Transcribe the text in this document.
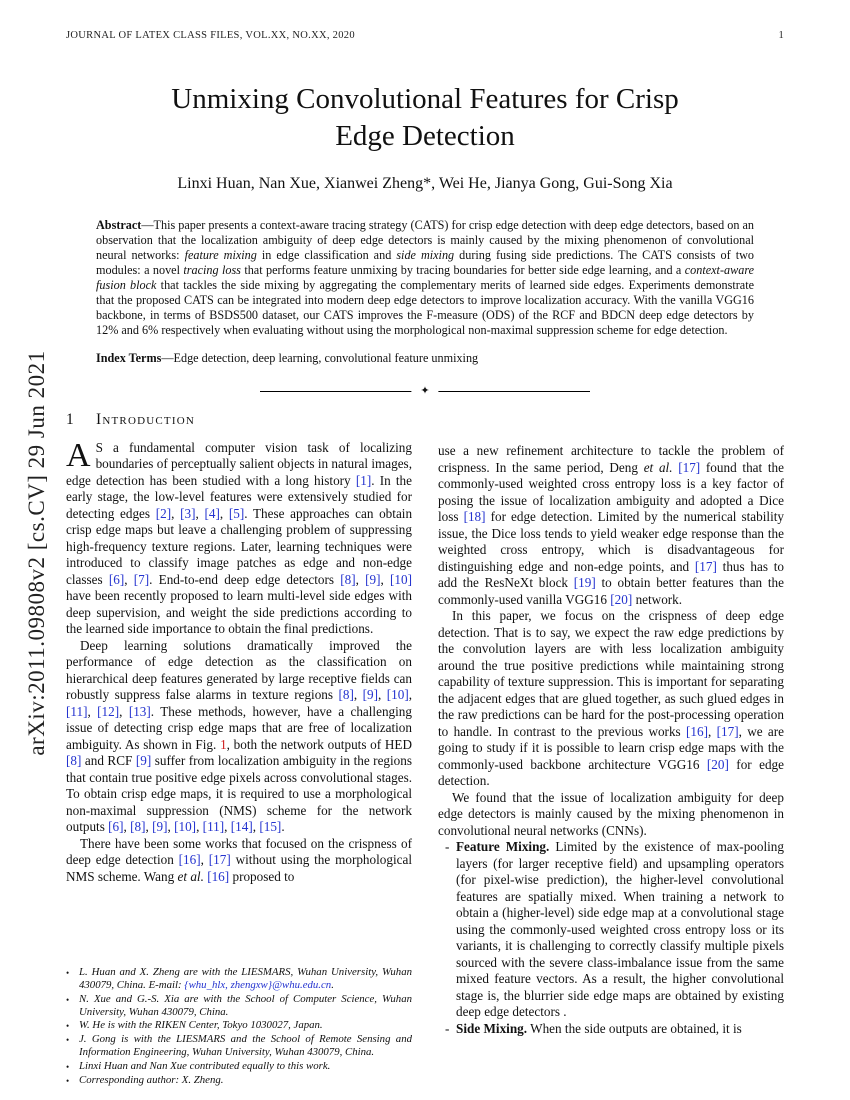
arXiv:2011.09808v2 [cs.CV] 29 Jun 2021
JOURNAL OF LATEX CLASS FILES, VOL.XX, NO.XX, 2020	1
Unmixing Convolutional Features for Crisp Edge Detection
Linxi Huan, Nan Xue, Xianwei Zheng*, Wei He, Jianya Gong, Gui-Song Xia

Abstract—This paper presents a context-aware tracing strategy (CATS) for crisp edge detection with deep edge detectors, based on an observation that the localization ambiguity of deep edge detectors is mainly caused by the mixing phenomenon of convolutional neural networks: feature mixing in edge classification and side mixing during fusing side predictions. The CATS consists of two modules: a novel tracing loss that performs feature unmixing by tracing boundaries for better side edge learning, and a context-aware fusion block that tackles the side mixing by aggregating the complementary merits of learned side edges. Experiments demonstrate that the proposed CATS can be integrated into modern deep edge detectors to improve localization accuracy. With the vanilla VGG16 backbone, in terms of BSDS500 dataset, our CATS improves the F-measure (ODS) of the RCF and BDCN deep edge detectors by 12% and 6% respectively when evaluating without using the morphological non-maximal suppression scheme for edge detection.

Index Terms—Edge detection, deep learning, convolutional feature unmixing

✦
1 Introduction

A S a fundamental computer vision task of localizing boundaries of perceptually salient objects in natural images, edge detection has been studied with a long history [1]. In the early stage, the low-level features were extensively studied for detecting edges [2], [3], [4], [5]. These approaches can obtain crisp edge maps but leave a challenging problem of suppressing high-frequency texture regions. Later, learning techniques were introduced to classify image patches as edge and non-edge classes [6], [7]. End-to-end deep edge detectors [8], [9], [10] have been recently proposed to learn multi-level side edges with deep supervision, and weight the side predictions according to the learned side importance to obtain the final predictions.

Deep learning solutions dramatically improved the performance of edge detection as the classification on hierarchical deep features generated by large receptive fields can robustly suppress false alarms in texture regions [8], [9], [10], [11], [12], [13]. These methods, however, have a challenging issue of detecting crisp edge maps that are free of localization ambiguity. As shown in Fig. 1, both the network outputs of HED [8] and RCF [9] suffer from localization ambiguity in the regions that contain true positive edge pixels across convolutional stages. To obtain crisp edge maps, it is required to use a morphological non-maximal suppression (NMS) scheme for the network outputs [6], [8], [9], [10], [11], [14], [15].

There have been some works that focused on the crispness of deep edge detection [16], [17] without using the morphological NMS scheme. Wang et al. [16] proposed to

• L. Huan and X. Zheng are with the LIESMARS, Wuhan University, Wuhan 430079, China. E-mail: {whu_hlx, zhengxw}@whu.edu.cn.
• N. Xue and G.-S. Xia are with the School of Computer Science, Wuhan University, Wuhan 430079, China.
• W. He is with the RIKEN Center, Tokyo 1030027, Japan.
• J. Gong is with the LIESMARS and the School of Remote Sensing and Information Engineering, Wuhan University, Wuhan 430079, China.
• Linxi Huan and Nan Xue contributed equally to this work.
• Corresponding author: X. Zheng.

use a new refinement architecture to tackle the problem of crispness. In the same period, Deng et al. [17] found that the commonly-used weighted cross entropy loss is a key factor of posing the issue of localization ambiguity and adopted a Dice loss [18] for edge detection. Limited by the numerical stability issue, the Dice loss tends to yield weaker edge response than the weighted cross entropy, which is disadvantageous for distinguishing edge and non-edge points, and [17] thus has to add the ResNeXt block [19] to obtain better features than the commonly-used vanilla VGG16 [20] network.

In this paper, we focus on the crispness of deep edge detection. That is to say, we expect the raw edge predictions by the convolution layers are with less localization ambiguity around the true positive predictions while maintaining strong capability of texture suppression. This is important for separating the adjacent edges that are glued together, as such glued edges in the raw predictions can be hard for the post-processing operation to handle. In contrast to the previous works [16], [17], we are going to study if it is possible to learn crisp edge maps with the commonly-used backbone architecture VGG16 [20] for edge detection.

We found that the issue of localization ambiguity for deep edge detectors is mainly caused by the mixing phenomenon in convolutional neural networks (CNNs).

- Feature Mixing. Limited by the existence of max-pooling layers (for larger receptive field) and upsampling operators (for pixel-wise prediction), the higher-level convolutional features are spatially mixed. When training a network to obtain a (higher-level) side edge map at a convolutional stage using the commonly-used weighted cross entropy loss or its variants, it is challenging to correctly classify multiple pixels sourced with the severe class-imbalance issue from the same mixed feature vectors. As a result, the higher convolutional stage is, the blurrier side edge maps are obtained by existing deep edge detectors .
- Side Mixing. When the side outputs are obtained, it is
